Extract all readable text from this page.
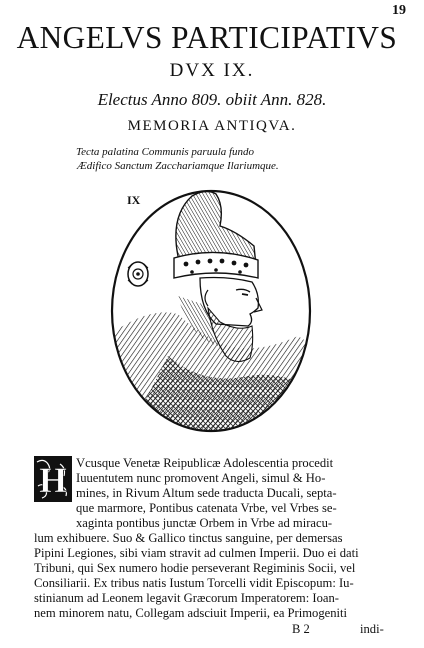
19
ANGELVS PARTICIPATIVS
DVX IX.
Electus Anno 809. obiit Ann. 828.
MEMORIA ANTIQVA.
Tecta palatina Communis paruula fundo
Ædifico Sanctum Zacchariamque Ilariumque.
IX
H Vcusque Venetæ Reipublicæ Adolescentia procedit
Iuuentutem nunc promovent Angeli, simul & Ho-
mines, in Rivum Altum sede traducta Ducali, septa-
que marmore, Pontibus catenata Vrbe, vel Vrbes se-
xaginta pontibus junctæ Orbem in Vrbe ad miracu-
lum exhibuere. Suo & Gallico tinctus sanguine, per demersas
Pipini Legiones, sibi viam stravit ad culmen Imperii. Duo ei dati
Tribuni, qui Sex numero hodie perseverant Regiminis Socii, vel
Consiliarii. Ex tribus natis Iustum Torcelli vidit Episcopum: Iu-
stinianum ad Leonem legavit Græcorum Imperatorem: Ioan-
nem minorem natu, Collegam adsciuit Imperii, ea Primogeniti
B 2	indi-
